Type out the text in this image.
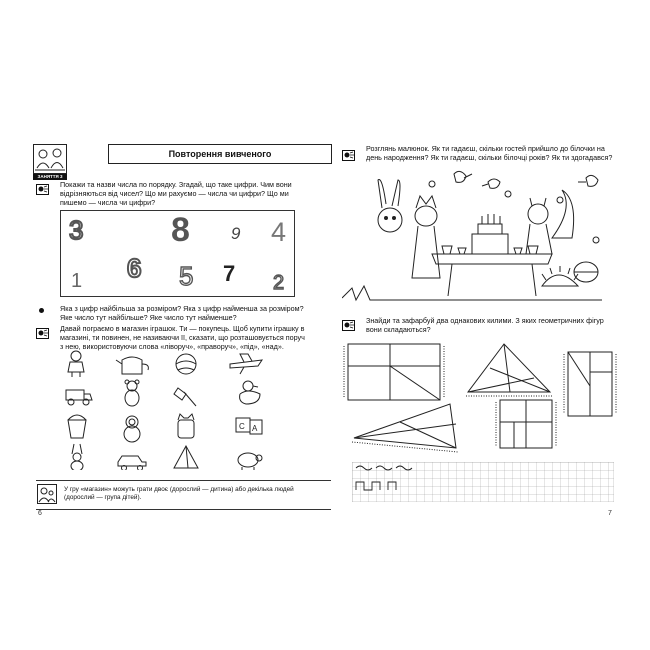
ЗАНЯТТЯ 3
Повторення вивченого
Покажи та назви числа по порядку. Згадай, що таке цифри. Чим вони відрізняються від чисел? Що ми рахуємо — числа чи цифри? Що ми пишемо — числа чи цифри?
3	8 9 4
1 6 5 7 2
Яка з цифр найбільша за розміром? Яка з цифр найменша за розміром? Яке число тут найбільше? Яке число тут найменше?
Давай пограємо в магазин іграшок. Ти — покупець. Щоб купити іграшку в магазині, ти повинен, не називаючи її, сказати, що розташовується поруч з нею, використовуючи слова «ліворуч», «праворуч», «під», «над».
C A
У гру «магазин» можуть грати двоє (дорослий — дитина) або декілька людей (дорослий — група дітей).
6
Розглянь малюнок. Як ти гадаєш, скільки гостей прийшло до білочки на день народження? Як ти гадаєш, скільки білочці років? Як ти здогадався?
Знайди та зафарбуй два однакових килими. З яких геометричних фігур вони складаються?
7
